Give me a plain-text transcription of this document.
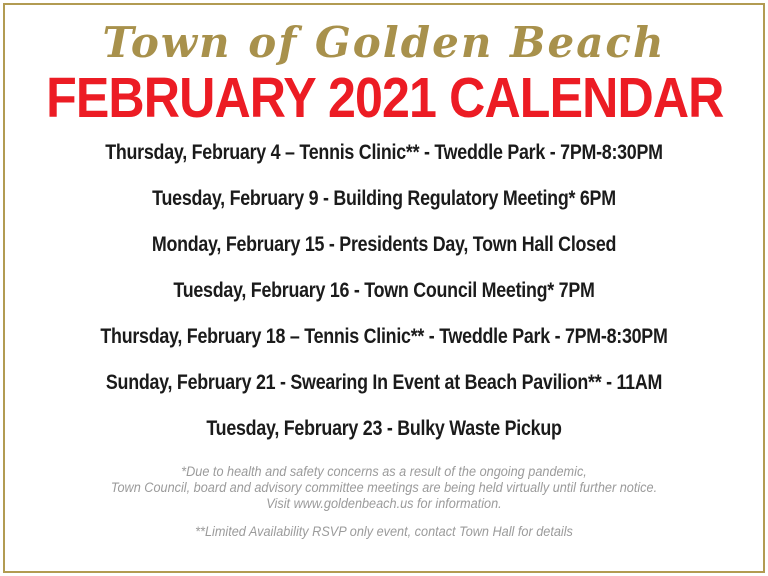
Town of Golden Beach
FEBRUARY 2021 CALENDAR
Thursday, February 4 – Tennis Clinic** - Tweddle Park - 7PM-8:30PM
Tuesday, February 9 - Building Regulatory Meeting* 6PM
Monday, February 15 - Presidents Day, Town Hall Closed
Tuesday, February 16 - Town Council Meeting* 7PM
Thursday, February 18 – Tennis Clinic** - Tweddle Park - 7PM-8:30PM
Sunday, February 21 - Swearing In Event at Beach Pavilion** - 11AM
Tuesday, February 23 - Bulky Waste Pickup
*Due to health and safety concerns as a result of the ongoing pandemic,
Town Council, board and advisory committee meetings are being held virtually until further notice.
Visit www.goldenbeach.us for information.
**Limited Availability RSVP only event, contact Town Hall for details
